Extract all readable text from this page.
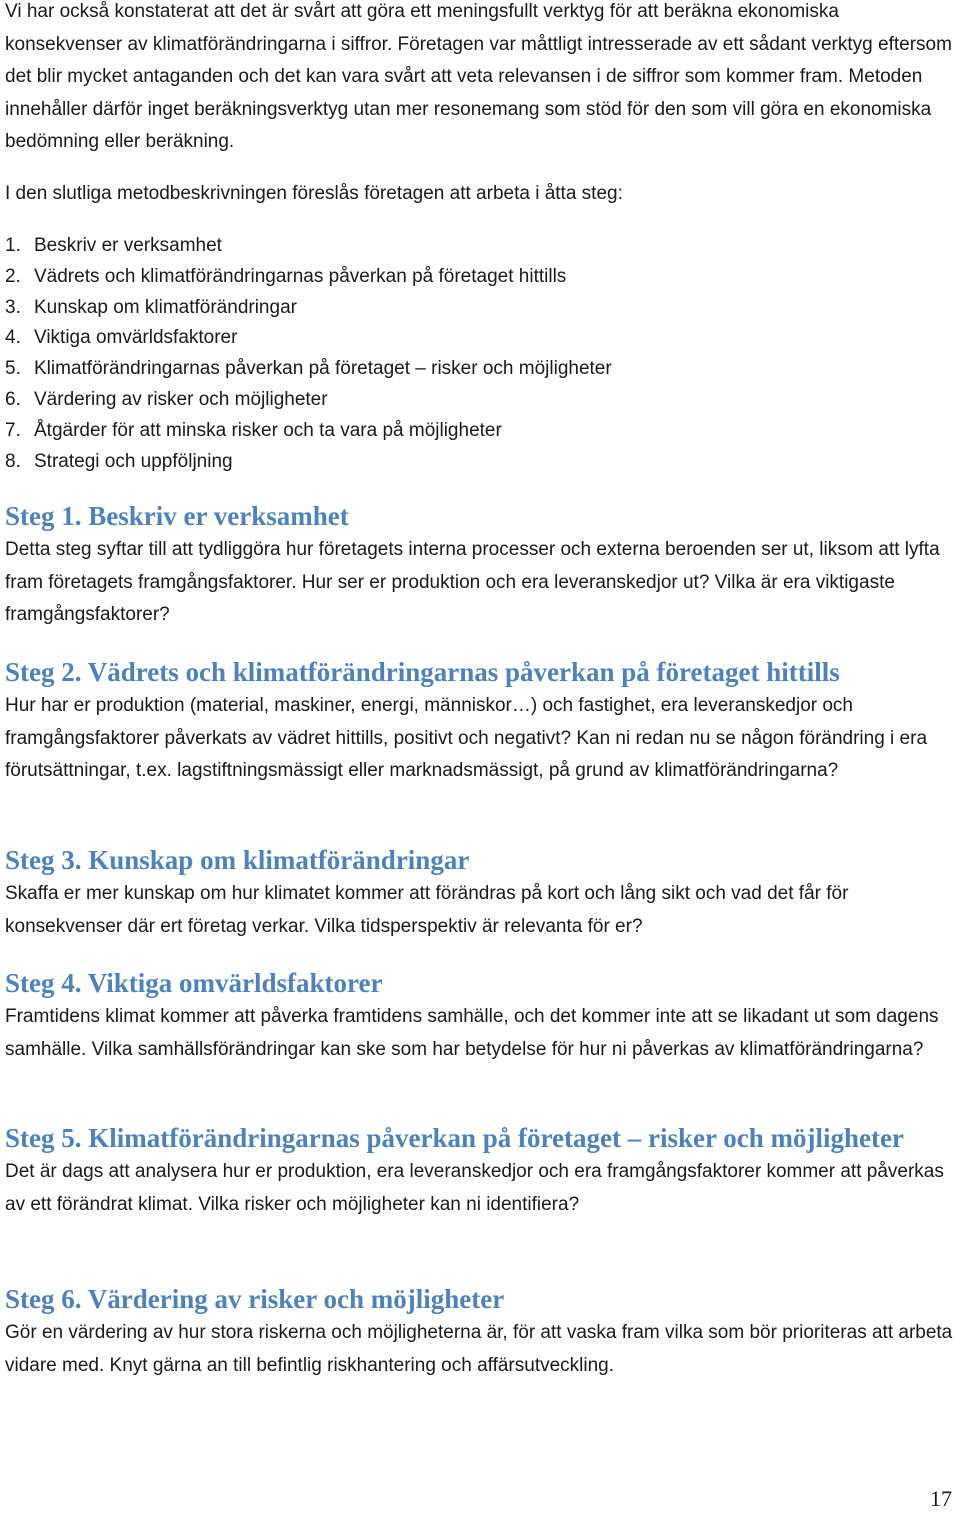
Vi har också konstaterat att det är svårt att göra ett meningsfullt verktyg för att beräkna ekonomiska konsekvenser av klimatförändringarna i siffror. Företagen var måttligt intresserade av ett sådant verktyg eftersom det blir mycket antaganden och det kan vara svårt att veta relevansen i de siffror som kommer fram. Metoden innehåller därför inget beräkningsverktyg utan mer resonemang som stöd för den som vill göra en ekonomiska bedömning eller beräkning.

I den slutliga metodbeskrivningen föreslås företagen att arbeta i åtta steg:

1. Beskriv er verksamhet
2. Vädrets och klimatförändringarnas påverkan på företaget hittills
3. Kunskap om klimatförändringar
4. Viktiga omvärldsfaktorer
5. Klimatförändringarnas påverkan på företaget – risker och möjligheter
6. Värdering av risker och möjligheter
7. Åtgärder för att minska risker och ta vara på möjligheter
8. Strategi och uppföljning
Steg 1. Beskriv er verksamhet

Detta steg syftar till att tydliggöra hur företagets interna processer och externa beroenden ser ut, liksom att lyfta fram företagets framgångsfaktorer. Hur ser er produktion och era leveranskedjor ut? Vilka är era viktigaste framgångsfaktorer?

Steg 2. Vädrets och klimatförändringarnas påverkan på företaget hittills

Hur har er produktion (material, maskiner, energi, människor…) och fastighet, era leveranskedjor och framgångsfaktorer påverkats av vädret hittills, positivt och negativt? Kan ni redan nu se någon förändring i era förutsättningar, t.ex. lagstiftningsmässigt eller marknadsmässigt, på grund av klimatförändringarna?

Steg 3. Kunskap om klimatförändringar

Skaffa er mer kunskap om hur klimatet kommer att förändras på kort och lång sikt och vad det får för konsekvenser där ert företag verkar. Vilka tidsperspektiv är relevanta för er?

Steg 4. Viktiga omvärldsfaktorer

Framtidens klimat kommer att påverka framtidens samhälle, och det kommer inte att se likadant ut som dagens samhälle. Vilka samhällsförändringar kan ske som har betydelse för hur ni påverkas av klimatförändringarna?

Steg 5. Klimatförändringarnas påverkan på företaget – risker och möjligheter

Det är dags att analysera hur er produktion, era leveranskedjor och era framgångsfaktorer kommer att påverkas av ett förändrat klimat. Vilka risker och möjligheter kan ni identifiera?

Steg 6. Värdering av risker och möjligheter

Gör en värdering av hur stora riskerna och möjligheterna är, för att vaska fram vilka som bör prioriteras att arbeta vidare med. Knyt gärna an till befintlig riskhantering och affärsutveckling.

17
